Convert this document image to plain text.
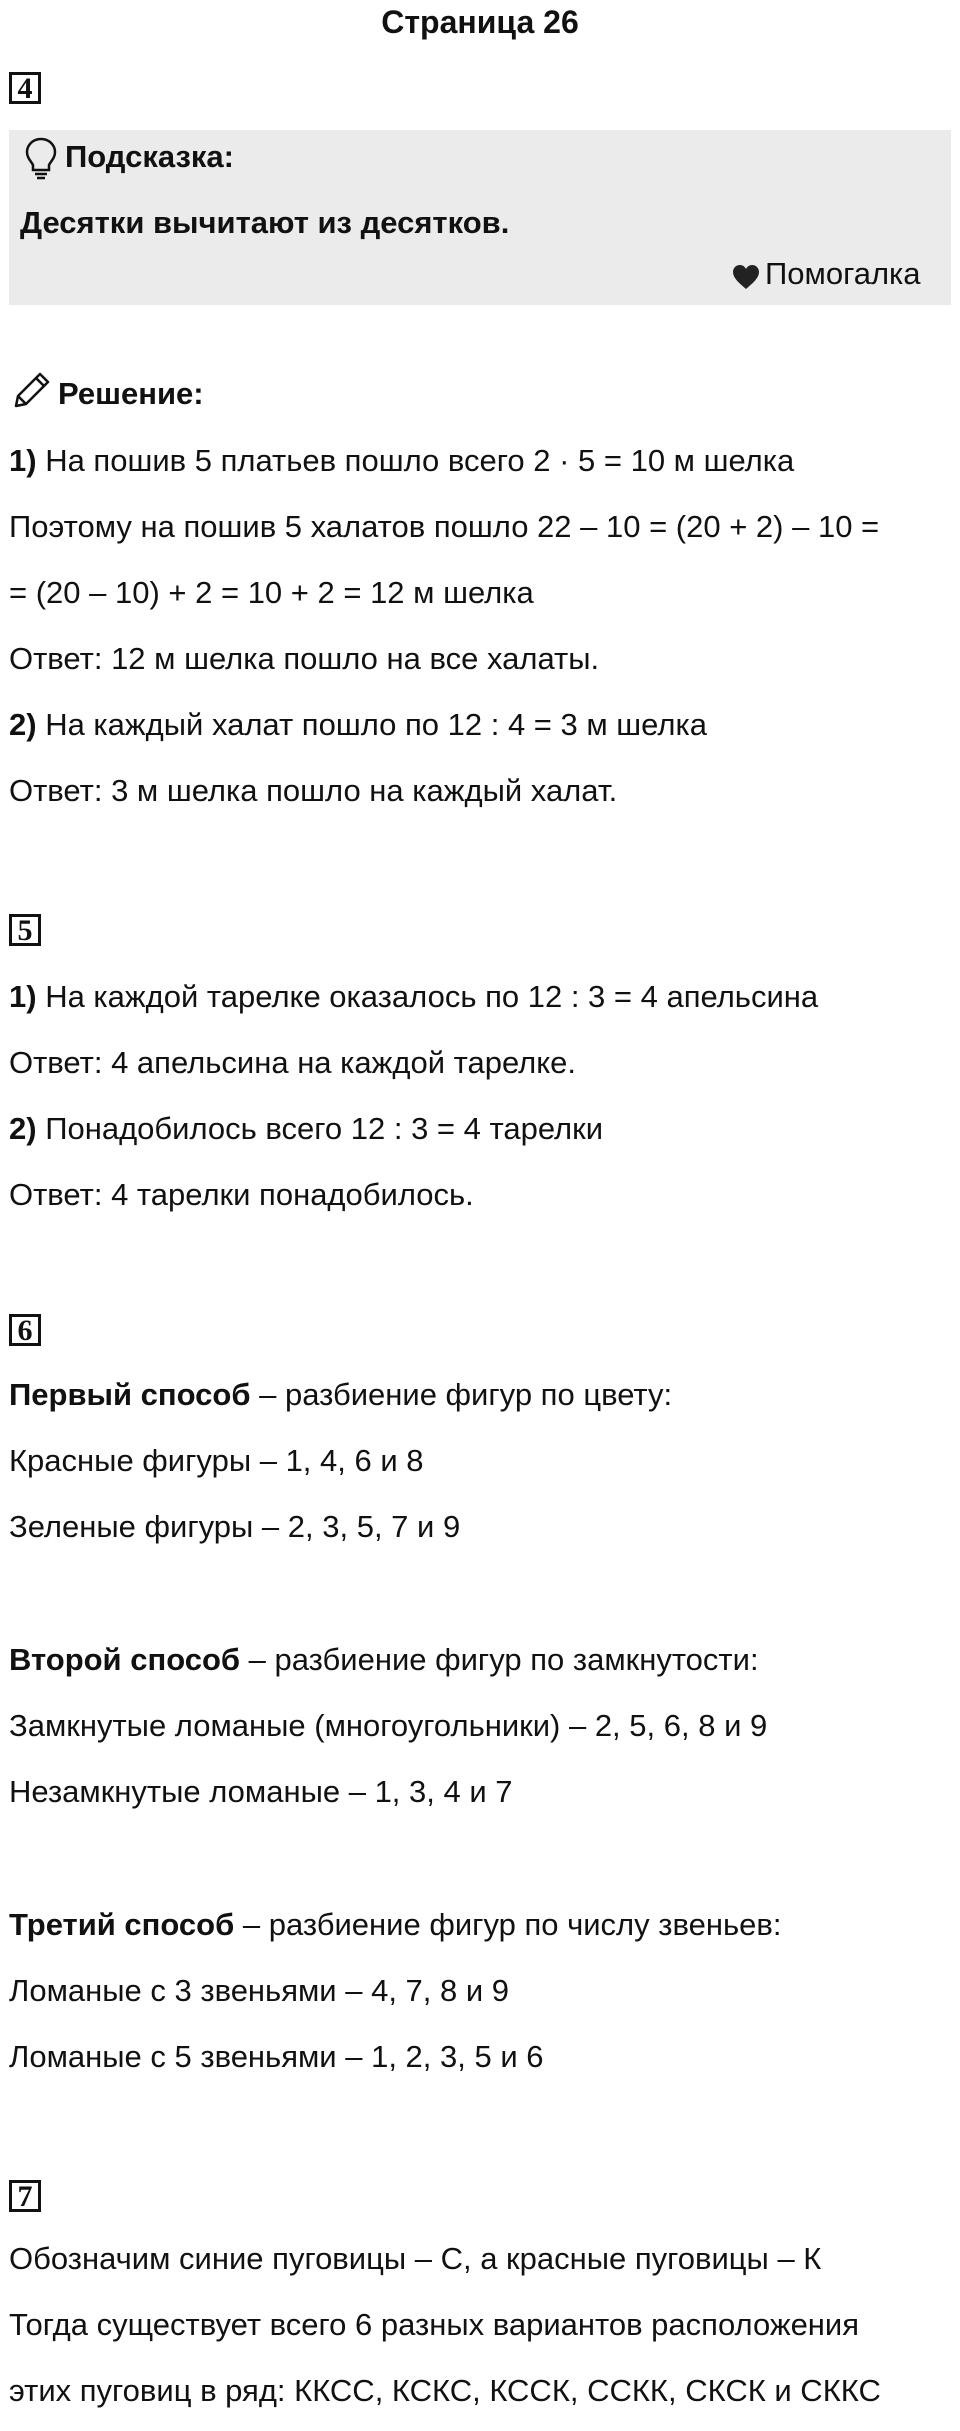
Страница 26
4
Подсказка:
Десятки вычитают из десятков.
Помогалка
Решение:
1) На пошив 5 платьев пошло всего 2 · 5 = 10 м шелка
Поэтому на пошив 5 халатов пошло 22 – 10 = (20 + 2) – 10 =
= (20 – 10) + 2 = 10 + 2 = 12 м шелка
Ответ: 12 м шелка пошло на все халаты.
2) На каждый халат пошло по 12 : 4 = 3 м шелка
Ответ: 3 м шелка пошло на каждый халат.
5
1) На каждой тарелке оказалось по 12 : 3 = 4 апельсина
Ответ: 4 апельсина на каждой тарелке.
2) Понадобилось всего 12 : 3 = 4 тарелки
Ответ: 4 тарелки понадобилось.
6
Первый способ – разбиение фигур по цвету:
Красные фигуры – 1, 4, 6 и 8
Зеленые фигуры – 2, 3, 5, 7 и 9
Второй способ – разбиение фигур по замкнутости:
Замкнутые ломаные (многоугольники) – 2, 5, 6, 8 и 9
Незамкнутые ломаные – 1, 3, 4 и 7
Третий способ – разбиение фигур по числу звеньев:
Ломаные с 3 звеньями – 4, 7, 8 и 9
Ломаные с 5 звеньями – 1, 2, 3, 5 и 6
7
Обозначим синие пуговицы – С, а красные пуговицы – К
Тогда существует всего 6 разных вариантов расположения
этих пуговиц в ряд: ККСС, КСКС, КССК, ССКК, СКСК и СККС
